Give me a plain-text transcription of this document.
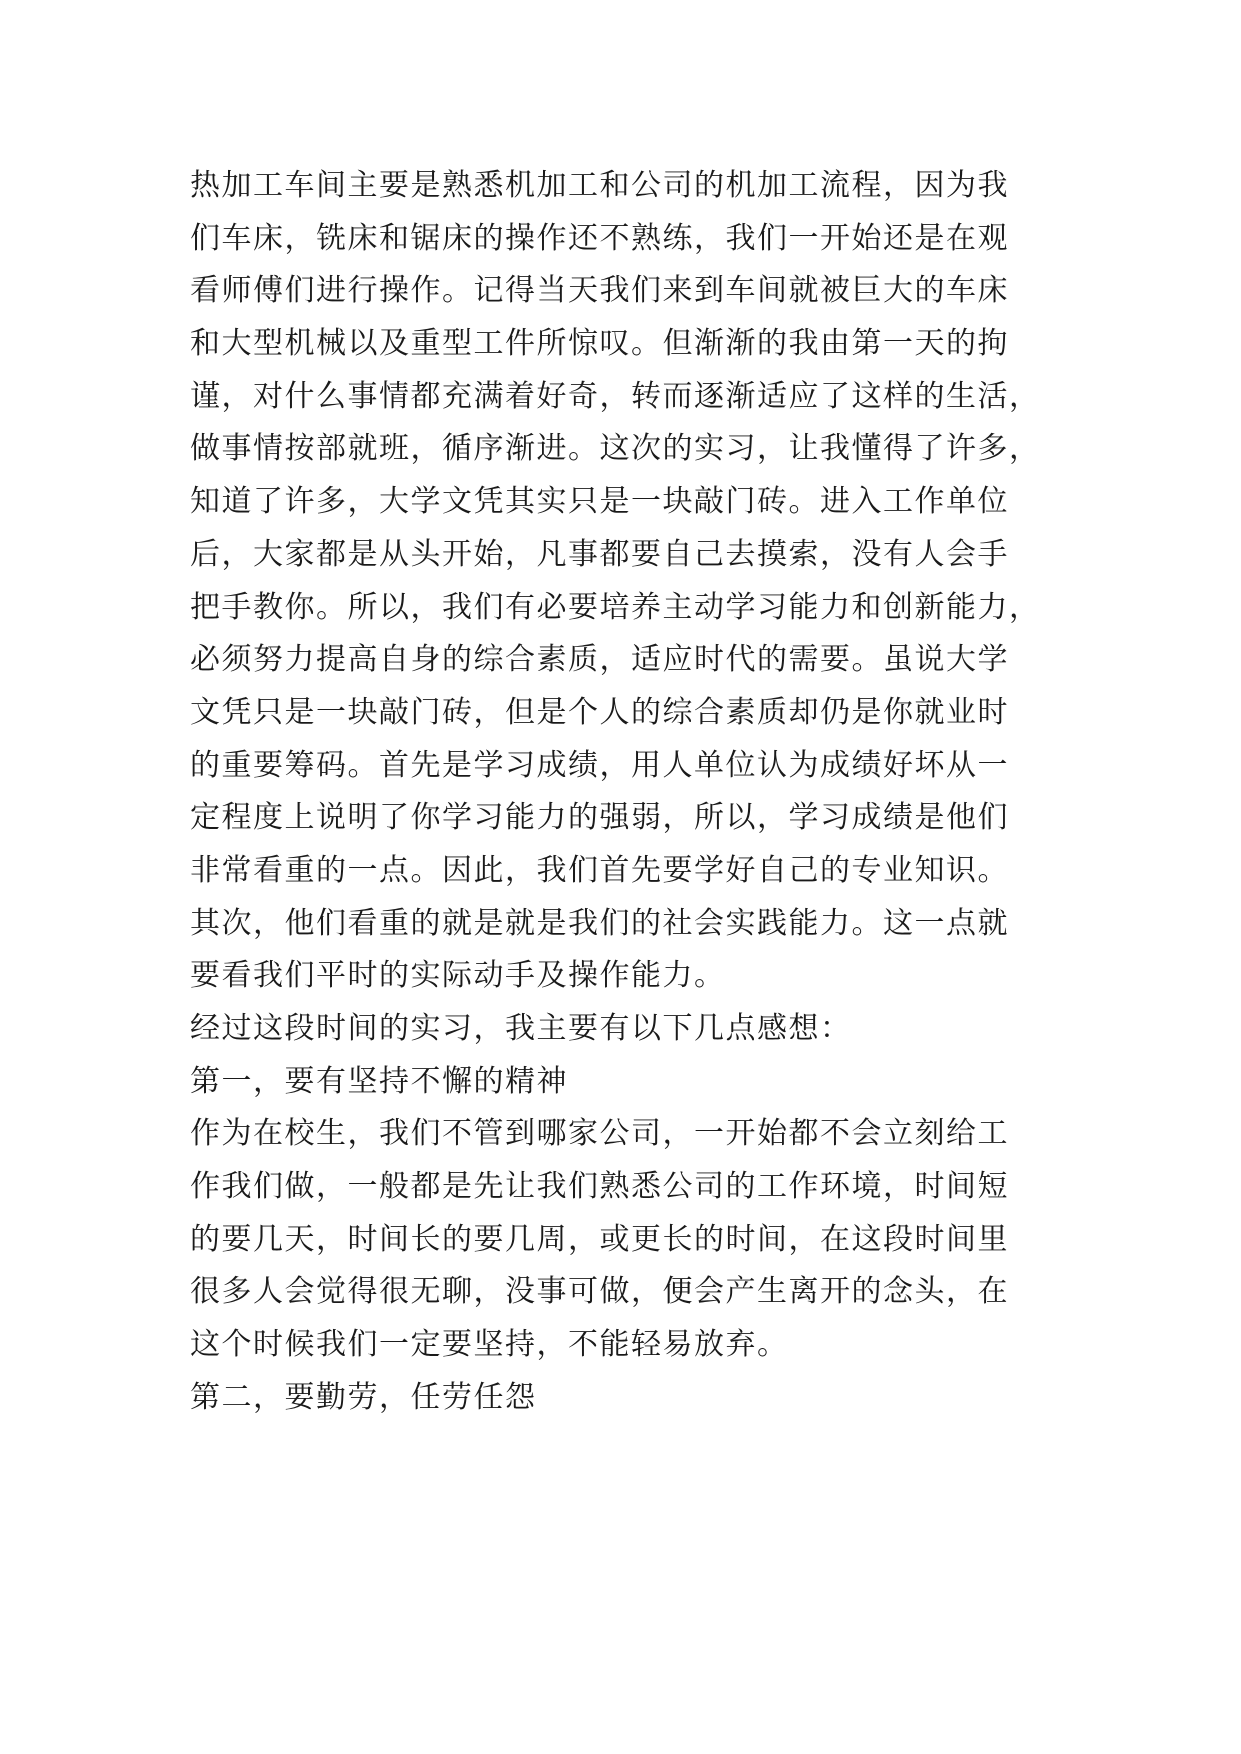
热加工车间主要是熟悉机加工和公司的机加工流程，因为我
们车床，铣床和锯床的操作还不熟练，我们一开始还是在观
看师傅们进行操作。记得当天我们来到车间就被巨大的车床
和大型机械以及重型工件所惊叹。但渐渐的我由第一天的拘
谨，对什么事情都充满着好奇，转而逐渐适应了这样的生活，
做事情按部就班，循序渐进。这次的实习，让我懂得了许多，
知道了许多，大学文凭其实只是一块敲门砖。进入工作单位
后，大家都是从头开始，凡事都要自己去摸索，没有人会手
把手教你。所以，我们有必要培养主动学习能力和创新能力，
必须努力提高自身的综合素质，适应时代的需要。虽说大学
文凭只是一块敲门砖，但是个人的综合素质却仍是你就业时
的重要筹码。首先是学习成绩，用人单位认为成绩好坏从一
定程度上说明了你学习能力的强弱，所以，学习成绩是他们
非常看重的一点。因此，我们首先要学好自己的专业知识。
其次，他们看重的就是就是我们的社会实践能力。这一点就
要看我们平时的实际动手及操作能力。
经过这段时间的实习，我主要有以下几点感想：
第一，要有坚持不懈的精神
作为在校生，我们不管到哪家公司，一开始都不会立刻给工
作我们做，一般都是先让我们熟悉公司的工作环境，时间短
的要几天，时间长的要几周，或更长的时间，在这段时间里
很多人会觉得很无聊，没事可做，便会产生离开的念头，在
这个时候我们一定要坚持，不能轻易放弃。
第二，要勤劳，任劳任怨
